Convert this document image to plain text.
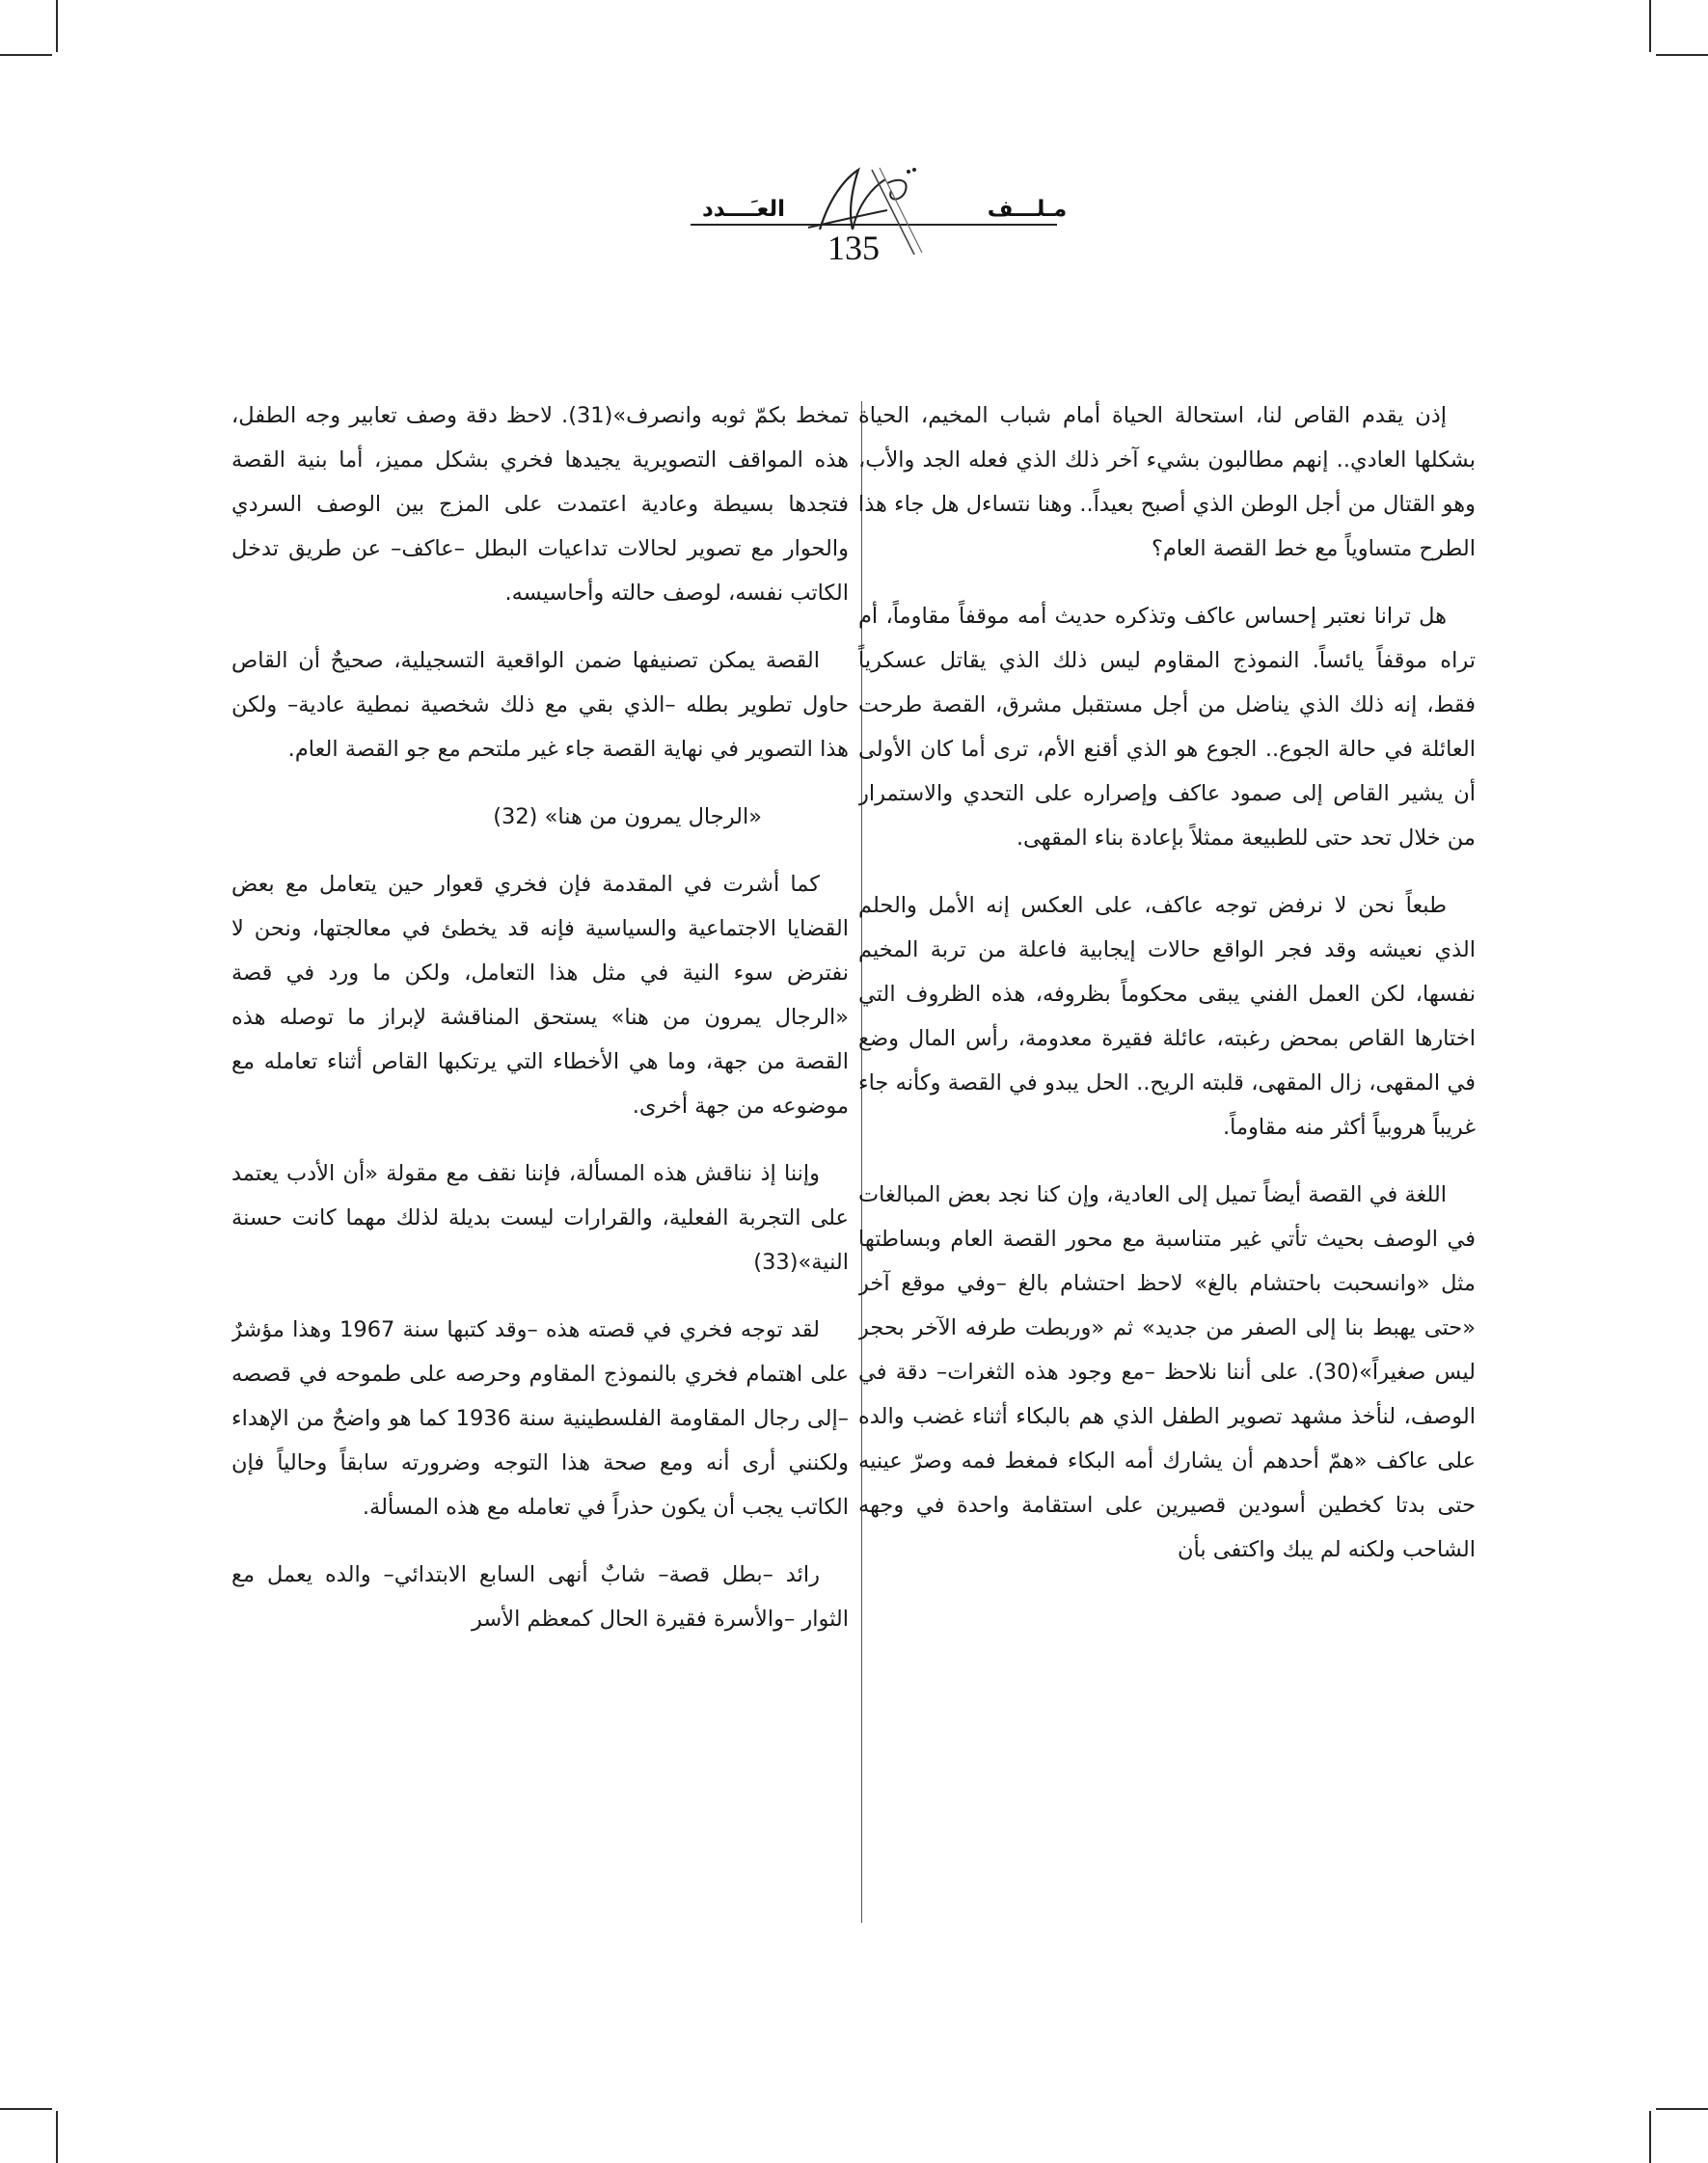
مـلـــف
العـَـــدد
135

إذن يقدم القاص لنا، استحالة الحياة أمام شباب المخيم، الحياة بشكلها العادي.. إنهم مطالبون بشيء آخر ذلك الذي فعله الجد والأب، وهو القتال من أجل الوطن الذي أصبح بعيداً.. وهنا نتساءل هل جاء هذا الطرح متساوياً مع خط القصة العام؟

هل ترانا نعتبر إحساس عاكف وتذكره حديث أمه موقفاً مقاوماً، أم تراه موقفاً يائساً. النموذج المقاوم ليس ذلك الذي يقاتل عسكرياً فقط، إنه ذلك الذي يناضل من أجل مستقبل مشرق، القصة طرحت العائلة في حالة الجوع.. الجوع هو الذي أقنع الأم، ترى أما كان الأولى أن يشير القاص إلى صمود عاكف وإصراره على التحدي والاستمرار من خلال تحد حتى للطبيعة ممثلاً بإعادة بناء المقهى.

طبعاً نحن لا نرفض توجه عاكف، على العكس إنه الأمل والحلم الذي نعيشه وقد فجر الواقع حالات إيجابية فاعلة من تربة المخيم نفسها، لكن العمل الفني يبقى محكوماً بظروفه، هذه الظروف التي اختارها القاص بمحض رغبته، عائلة فقيرة معدومة، رأس المال وضع في المقهى، زال المقهى، قلبته الريح.. الحل يبدو في القصة وكأنه جاء غريباً هروبياً أكثر منه مقاوماً.

اللغة في القصة أيضاً تميل إلى العادية، وإن كنا نجد بعض المبالغات في الوصف بحيث تأتي غير متناسبة مع محور القصة العام وبساطتها مثل «وانسحبت باحتشام بالغ» لاحظ احتشام بالغ –وفي موقع آخر «حتى يهبط بنا إلى الصفر من جديد» ثم «وربطت طرفه الآخر بحجر ليس صغيراً»(30). على أننا نلاحظ –مع وجود هذه الثغرات– دقة في الوصف، لنأخذ مشهد تصوير الطفل الذي هم بالبكاء أثناء غضب والده على عاكف «همّ أحدهم أن يشارك أمه البكاء فمغط فمه وصرّ عينيه حتى بدتا كخطين أسودين قصيرين على استقامة واحدة في وجهه الشاحب ولكنه لم يبك واكتفى بأن

تمخط بكمّ ثوبه وانصرف»(31). لاحظ دقة وصف تعابير وجه الطفل، هذه المواقف التصويرية يجيدها فخري بشكل مميز، أما بنية القصة فتجدها بسيطة وعادية اعتمدت على المزج بين الوصف السردي والحوار مع تصوير لحالات تداعيات البطل –عاكف– عن طريق تدخل الكاتب نفسه، لوصف حالته وأحاسيسه.

القصة يمكن تصنيفها ضمن الواقعية التسجيلية، صحيحٌ أن القاص حاول تطوير بطله –الذي بقي مع ذلك شخصية نمطية عادية– ولكن هذا التصوير في نهاية القصة جاء غير ملتحم مع جو القصة العام.

«الرجال يمرون من هنا» (32)

كما أشرت في المقدمة فإن فخري قعوار حين يتعامل مع بعض القضايا الاجتماعية والسياسية فإنه قد يخطئ في معالجتها، ونحن لا نفترض سوء النية في مثل هذا التعامل، ولكن ما ورد في قصة «الرجال يمرون من هنا» يستحق المناقشة لإبراز ما توصله هذه القصة من جهة، وما هي الأخطاء التي يرتكبها القاص أثناء تعامله مع موضوعه من جهة أخرى.

وإننا إذ نناقش هذه المسألة، فإننا نقف مع مقولة «أن الأدب يعتمد على التجربة الفعلية، والقرارات ليست بديلة لذلك مهما كانت حسنة النية»(33)

لقد توجه فخري في قصته هذه –وقد كتبها سنة 1967 وهذا مؤشرٌ على اهتمام فخري بالنموذج المقاوم وحرصه على طموحه في قصصه –إلى رجال المقاومة الفلسطينية سنة 1936 كما هو واضحٌ من الإهداء ولكنني أرى أنه ومع صحة هذا التوجه وضرورته سابقاً وحالياً فإن الكاتب يجب أن يكون حذراً في تعامله مع هذه المسألة.

رائد –بطل قصة– شابٌ أنهى السابع الابتدائي– والده يعمل مع الثوار –والأسرة فقيرة الحال كمعظم الأسر
